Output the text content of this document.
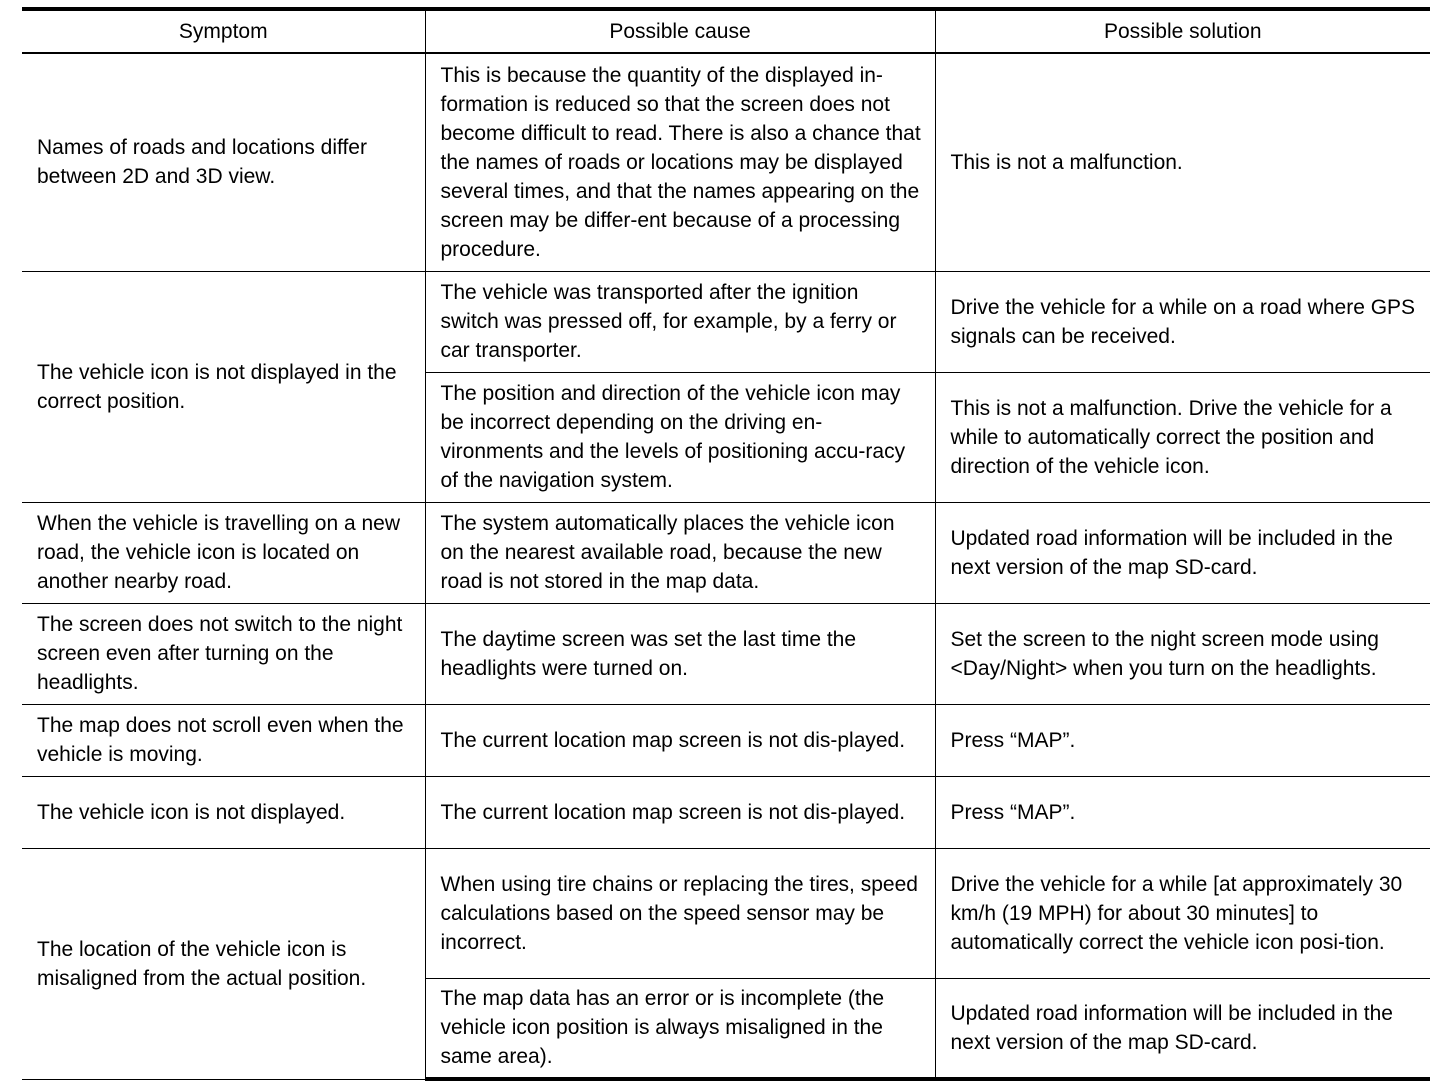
Symptom	Possible cause	Possible solution
Names of roads and locations differ between 2D and 3D view.	This is because the quantity of the displayed in-formation is reduced so that the screen does not become difficult to read. There is also a chance that the names of roads or locations may be displayed several times, and that the names appearing on the screen may be differ-ent because of a processing procedure.	This is not a malfunction.
The vehicle icon is not displayed in the correct position.	The vehicle was transported after the ignition switch was pressed off, for example, by a ferry or car transporter.	Drive the vehicle for a while on a road where GPS signals can be received.
	The position and direction of the vehicle icon may be incorrect depending on the driving en-vironments and the levels of positioning accu-racy of the navigation system.	This is not a malfunction. Drive the vehicle for a while to automatically correct the position and direction of the vehicle icon.
When the vehicle is travelling on a new road, the vehicle icon is located on another nearby road.	The system automatically places the vehicle icon on the nearest available road, because the new road is not stored in the map data.	Updated road information will be included in the next version of the map SD-card.
The screen does not switch to the night screen even after turning on the headlights.	The daytime screen was set the last time the headlights were turned on.	Set the screen to the night screen mode using <Day/Night> when you turn on the headlights.
The map does not scroll even when the vehicle is moving.	The current location map screen is not dis-played.	Press “MAP”.
The vehicle icon is not displayed.	The current location map screen is not dis-played.	Press “MAP”.
The location of the vehicle icon is misaligned from the actual position.	When using tire chains or replacing the tires, speed calculations based on the speed sensor may be incorrect.	Drive the vehicle for a while [at approximately 30 km/h (19 MPH) for about 30 minutes] to automatically correct the vehicle icon posi-tion.
	The map data has an error or is incomplete (the vehicle icon position is always misaligned in the same area).	Updated road information will be included in the next version of the map SD-card.
